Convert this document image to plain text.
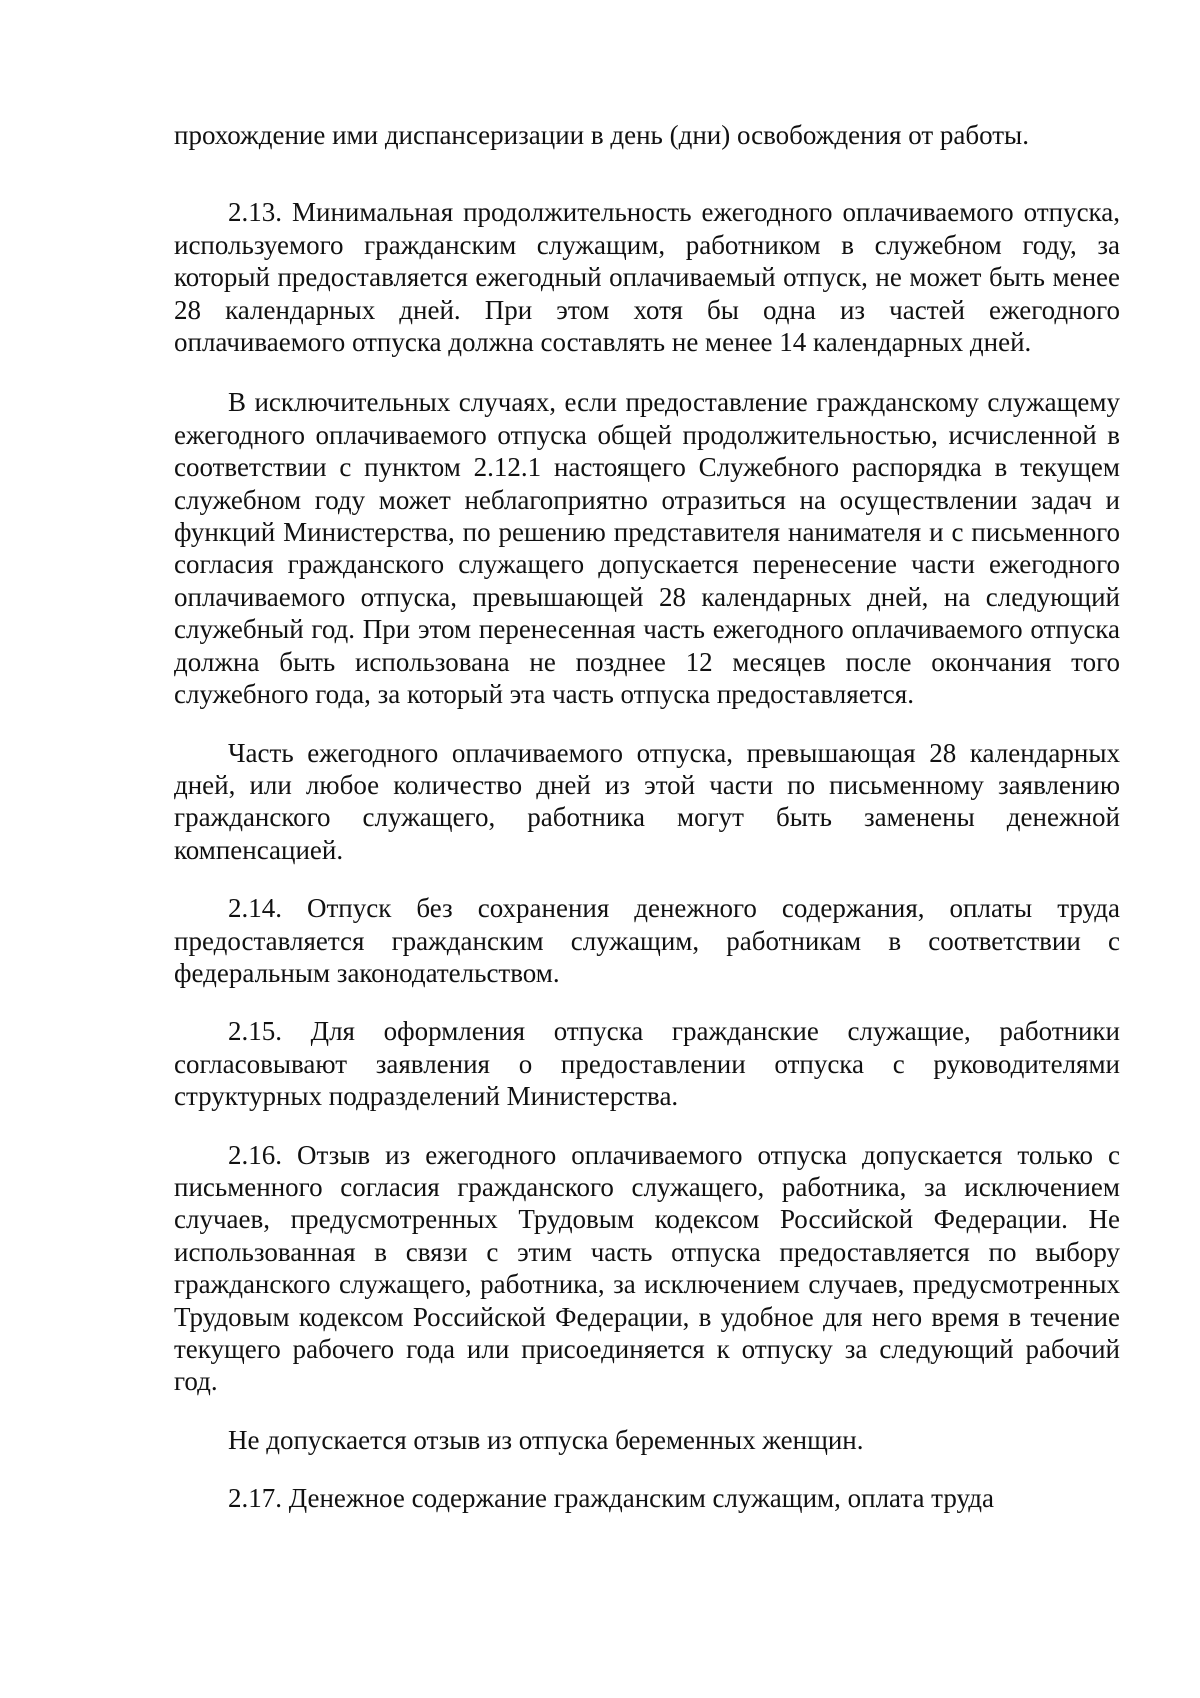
прохождение ими диспансеризации в день (дни) освобождения от работы.

2.13. Минимальная продолжительность ежегодного оплачиваемого отпуска, используемого гражданским служащим, работником в служебном году, за который предоставляется ежегодный оплачиваемый отпуск, не может быть менее 28 календарных дней. При этом хотя бы одна из частей ежегодного оплачиваемого отпуска должна составлять не менее 14 календарных дней.

В исключительных случаях, если предоставление гражданскому служащему ежегодного оплачиваемого отпуска общей продолжительностью, исчисленной в соответствии с пунктом 2.12.1 настоящего Служебного распорядка в текущем служебном году может неблагоприятно отразиться на осуществлении задач и функций Министерства, по решению представителя нанимателя и с письменного согласия гражданского служащего допускается перенесение части ежегодного оплачиваемого отпуска, превышающей 28 календарных дней, на следующий служебный год. При этом перенесенная часть ежегодного оплачиваемого отпуска должна быть использована не позднее 12 месяцев после окончания того служебного года, за который эта часть отпуска предоставляется.

Часть ежегодного оплачиваемого отпуска, превышающая 28 календарных дней, или любое количество дней из этой части по письменному заявлению гражданского служащего, работника могут быть заменены денежной компенсацией.

2.14. Отпуск без сохранения денежного содержания, оплаты труда предоставляется гражданским служащим, работникам в соответствии с федеральным законодательством.

2.15. Для оформления отпуска гражданские служащие, работники согласовывают заявления о предоставлении отпуска с руководителями структурных подразделений Министерства.

2.16. Отзыв из ежегодного оплачиваемого отпуска допускается только с письменного согласия гражданского служащего, работника, за исключением случаев, предусмотренных Трудовым кодексом Российской Федерации. Не использованная в связи с этим часть отпуска предоставляется по выбору гражданского служащего, работника, за исключением случаев, предусмотренных Трудовым кодексом Российской Федерации, в удобное для него время в течение текущего рабочего года или присоединяется к отпуску за следующий рабочий год.

Не допускается отзыв из отпуска беременных женщин.

2.17. Денежное содержание гражданским служащим, оплата труда
